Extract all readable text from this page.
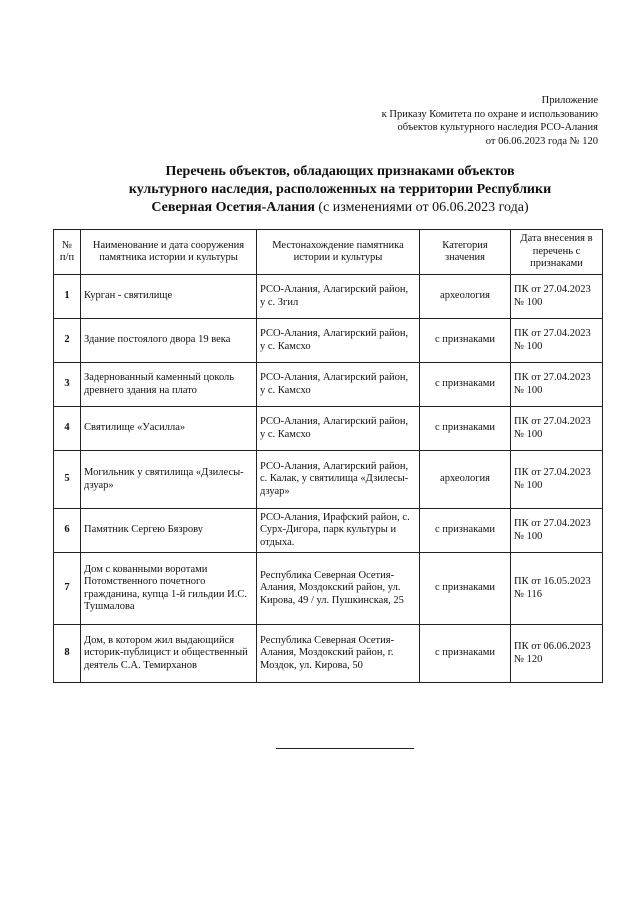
Приложение
к Приказу Комитета по охране и использованию
объектов культурного наследия РСО-Алания
от 06.06.2023 года № 120
Перечень объектов, обладающих признаками объектов
культурного наследия, расположенных на территории Республики
Северная Осетия-Алания (с изменениями от 06.06.2023 года)
№ п/п	Наименование и дата сооружения памятника истории и культуры	Местонахождение памятника истории и культуры	Категория значения	Дата внесения в перечень с признаками
1	Курган - святилище	РСО-Алания, Алагирский район, у с. Згил	археология	ПК от 27.04.2023 № 100
2	Здание постоялого двора 19 века	РСО-Алания, Алагирский район, у с. Камсхо	с признаками	ПК от 27.04.2023 № 100
3	Задернованный каменный цоколь древнего здания на плато	РСО-Алания, Алагирский район, у с. Камсхо	с признаками	ПК от 27.04.2023 № 100
4	Святилище «Уасилла»	РСО-Алания, Алагирский район, у с. Камсхо	с признаками	ПК от 27.04.2023 № 100
5	Могильник у святилища «Дзилесы-дзуар»	РСО-Алания, Алагирский район, с. Калак, у святилища «Дзилесы-дзуар»	археология	ПК от 27.04.2023 № 100
6	Памятник Сергею Бязрову	РСО-Алания, Ирафский район, с. Сурх-Дигора, парк культуры и отдыха.	с признаками	ПК от 27.04.2023 № 100
7	Дом с кованными воротами Потомственного почетного гражданина, купца 1-й гильдии И.С. Тушмалова	Республика Северная Осетия-Алания, Моздокский район, ул. Кирова, 49 / ул. Пушкинская, 25	с признаками	ПК от 16.05.2023 № 116
8	Дом, в котором жил выдающийся историк-публицист и общественный деятель С.А. Темирханов	Республика Северная Осетия-Алания, Моздокский район, г. Моздок, ул. Кирова, 50	с признаками	ПК от 06.06.2023 № 120
